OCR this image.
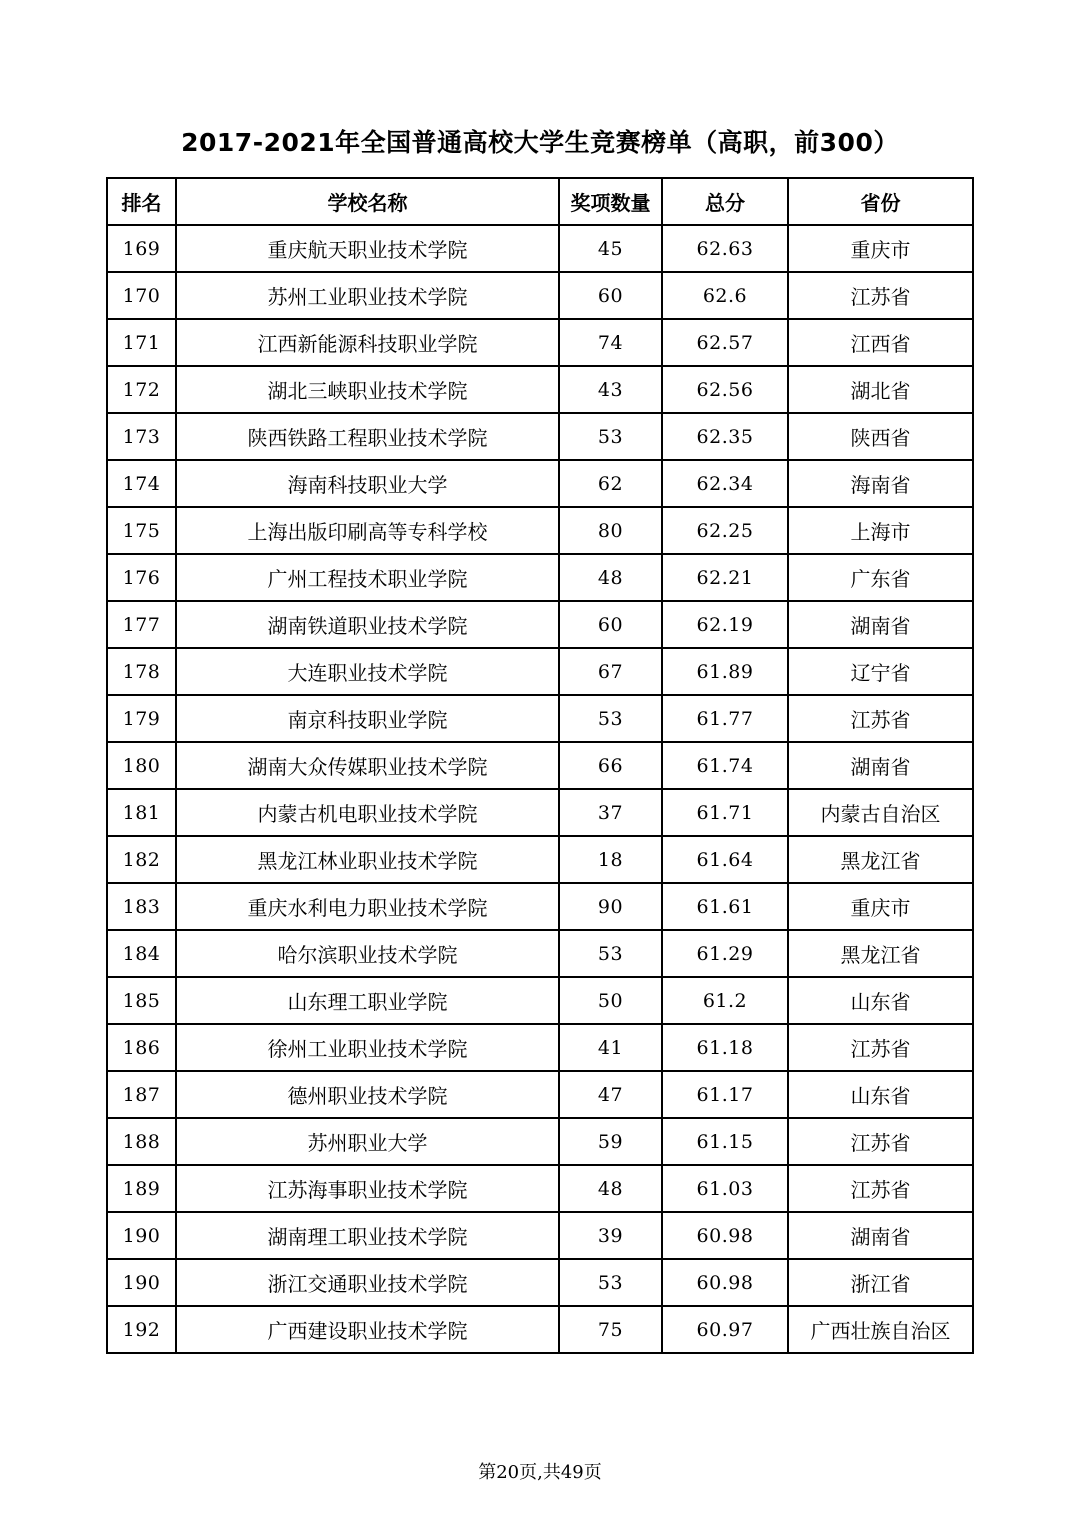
2017-2021年全国普通高校大学生竞赛榜单（高职，前300）
排名	学校名称	奖项数量	总分	省份
169	重庆航天职业技术学院	45	62.63	重庆市
170	苏州工业职业技术学院	60	62.6	江苏省
171	江西新能源科技职业学院	74	62.57	江西省
172	湖北三峡职业技术学院	43	62.56	湖北省
173	陕西铁路工程职业技术学院	53	62.35	陕西省
174	海南科技职业大学	62	62.34	海南省
175	上海出版印刷高等专科学校	80	62.25	上海市
176	广州工程技术职业学院	48	62.21	广东省
177	湖南铁道职业技术学院	60	62.19	湖南省
178	大连职业技术学院	67	61.89	辽宁省
179	南京科技职业学院	53	61.77	江苏省
180	湖南大众传媒职业技术学院	66	61.74	湖南省
181	内蒙古机电职业技术学院	37	61.71	内蒙古自治区
182	黑龙江林业职业技术学院	18	61.64	黑龙江省
183	重庆水利电力职业技术学院	90	61.61	重庆市
184	哈尔滨职业技术学院	53	61.29	黑龙江省
185	山东理工职业学院	50	61.2	山东省
186	徐州工业职业技术学院	41	61.18	江苏省
187	德州职业技术学院	47	61.17	山东省
188	苏州职业大学	59	61.15	江苏省
189	江苏海事职业技术学院	48	61.03	江苏省
190	湖南理工职业技术学院	39	60.98	湖南省
190	浙江交通职业技术学院	53	60.98	浙江省
192	广西建设职业技术学院	75	60.97	广西壮族自治区
第20页,共49页
